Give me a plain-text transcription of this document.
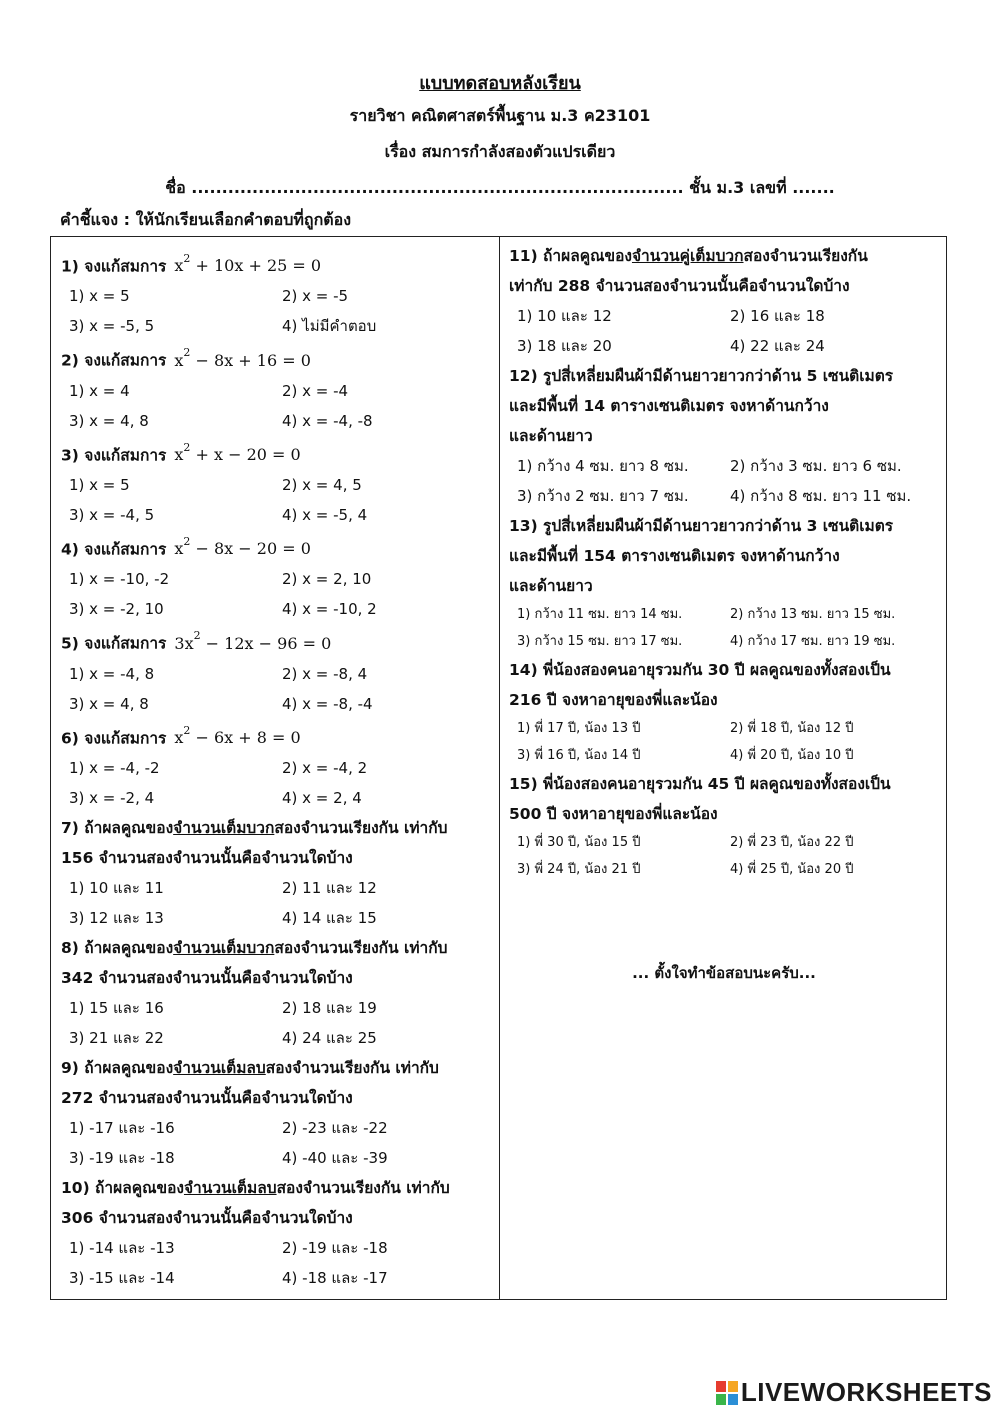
แบบทดสอบหลังเรียน
รายวิชา คณิตศาสตร์พื้นฐาน ม.3 ค23101
เรื่อง สมการกำลังสองตัวแปรเดียว
ชื่อ ................................................................................. ชั้น ม.3 เลขที่ .......
คำชี้แจง : ให้นักเรียนเลือกคำตอบที่ถูกต้อง
1) จงแก้สมการ $x^2 + 10x + 25 = 0$
1) x = 5	2) x = -5
3) x = -5, 5	4) ไม่มีคำตอบ
2) จงแก้สมการ $x^2 - 8x + 16 = 0$
1) x = 4	2) x = -4
3) x = 4, 8	4) x = -4, -8
3) จงแก้สมการ $x^2 + x - 20 = 0$
1) x = 5	2) x = 4, 5
3) x = -4, 5	4) x = -5, 4
4) จงแก้สมการ $x^2 - 8x - 20 = 0$
1) x = -10, -2	2) x = 2, 10
3) x = -2, 10	4) x = -10, 2
5) จงแก้สมการ $3x^2 - 12x - 96 = 0$
1) x = -4, 8	2) x = -8, 4
3) x = 4, 8	4) x = -8, -4
6) จงแก้สมการ $x^2 - 6x + 8 = 0$
1) x = -4, -2	2) x = -4, 2
3) x = -2, 4	4) x = 2, 4
7) ถ้าผลคูณของจำนวนเต็มบวกสองจำนวนเรียงกัน เท่ากับ
156 จำนวนสองจำนวนนั้นคือจำนวนใดบ้าง
1) 10 และ 11	2) 11 และ 12
3) 12 และ 13	4) 14 และ 15
8) ถ้าผลคูณของจำนวนเต็มบวกสองจำนวนเรียงกัน เท่ากับ
342 จำนวนสองจำนวนนั้นคือจำนวนใดบ้าง
1) 15 และ 16	2) 18 และ 19
3) 21 และ 22	4) 24 และ 25
9) ถ้าผลคูณของจำนวนเต็มลบสองจำนวนเรียงกัน เท่ากับ
272 จำนวนสองจำนวนนั้นคือจำนวนใดบ้าง
1) -17 และ -16	2) -23 และ -22
3) -19 และ -18	4) -40 และ -39
10) ถ้าผลคูณของจำนวนเต็มลบสองจำนวนเรียงกัน เท่ากับ
306 จำนวนสองจำนวนนั้นคือจำนวนใดบ้าง
1) -14 และ -13	2) -19 และ -18
3) -15 และ -14	4) -18 และ -17
11) ถ้าผลคูณของจำนวนคู่เต็มบวกสองจำนวนเรียงกัน
เท่ากับ 288 จำนวนสองจำนวนนั้นคือจำนวนใดบ้าง
1) 10 และ 12	2) 16 และ 18
3) 18 และ 20	4) 22 และ 24
12) รูปสี่เหลี่ยมผืนผ้ามีด้านยาวยาวกว่าด้าน 5 เซนติเมตร
และมีพื้นที่ 14 ตารางเซนติเมตร จงหาด้านกว้าง
และด้านยาว
1) กว้าง 4 ซม. ยาว 8 ซม.	2) กว้าง 3 ซม. ยาว 6 ซม.
3) กว้าง 2 ซม. ยาว 7 ซม.	4) กว้าง 8 ซม. ยาว 11 ซม.
13) รูปสี่เหลี่ยมผืนผ้ามีด้านยาวยาวกว่าด้าน 3 เซนติเมตร
และมีพื้นที่ 154 ตารางเซนติเมตร จงหาด้านกว้าง
และด้านยาว
1) กว้าง 11 ซม. ยาว 14 ซม.	2) กว้าง 13 ซม. ยาว 15 ซม.
3) กว้าง 15 ซม. ยาว 17 ซม.	4) กว้าง 17 ซม. ยาว 19 ซม.
14) พี่น้องสองคนอายุรวมกัน 30 ปี ผลคูณของทั้งสองเป็น
216 ปี จงหาอายุของพี่และน้อง
1) พี่ 17 ปี, น้อง 13 ปี	2) พี่ 18 ปี, น้อง 12 ปี
3) พี่ 16 ปี, น้อง 14 ปี	4) พี่ 20 ปี, น้อง 10 ปี
15) พี่น้องสองคนอายุรวมกัน 45 ปี ผลคูณของทั้งสองเป็น
500 ปี จงหาอายุของพี่และน้อง
1) พี่ 30 ปี, น้อง 15 ปี	2) พี่ 23 ปี, น้อง 22 ปี
3) พี่ 24 ปี, น้อง 21 ปี	4) พี่ 25 ปี, น้อง 20 ปี
... ตั้งใจทำข้อสอบนะครับ...
LIVEWORKSHEETS
